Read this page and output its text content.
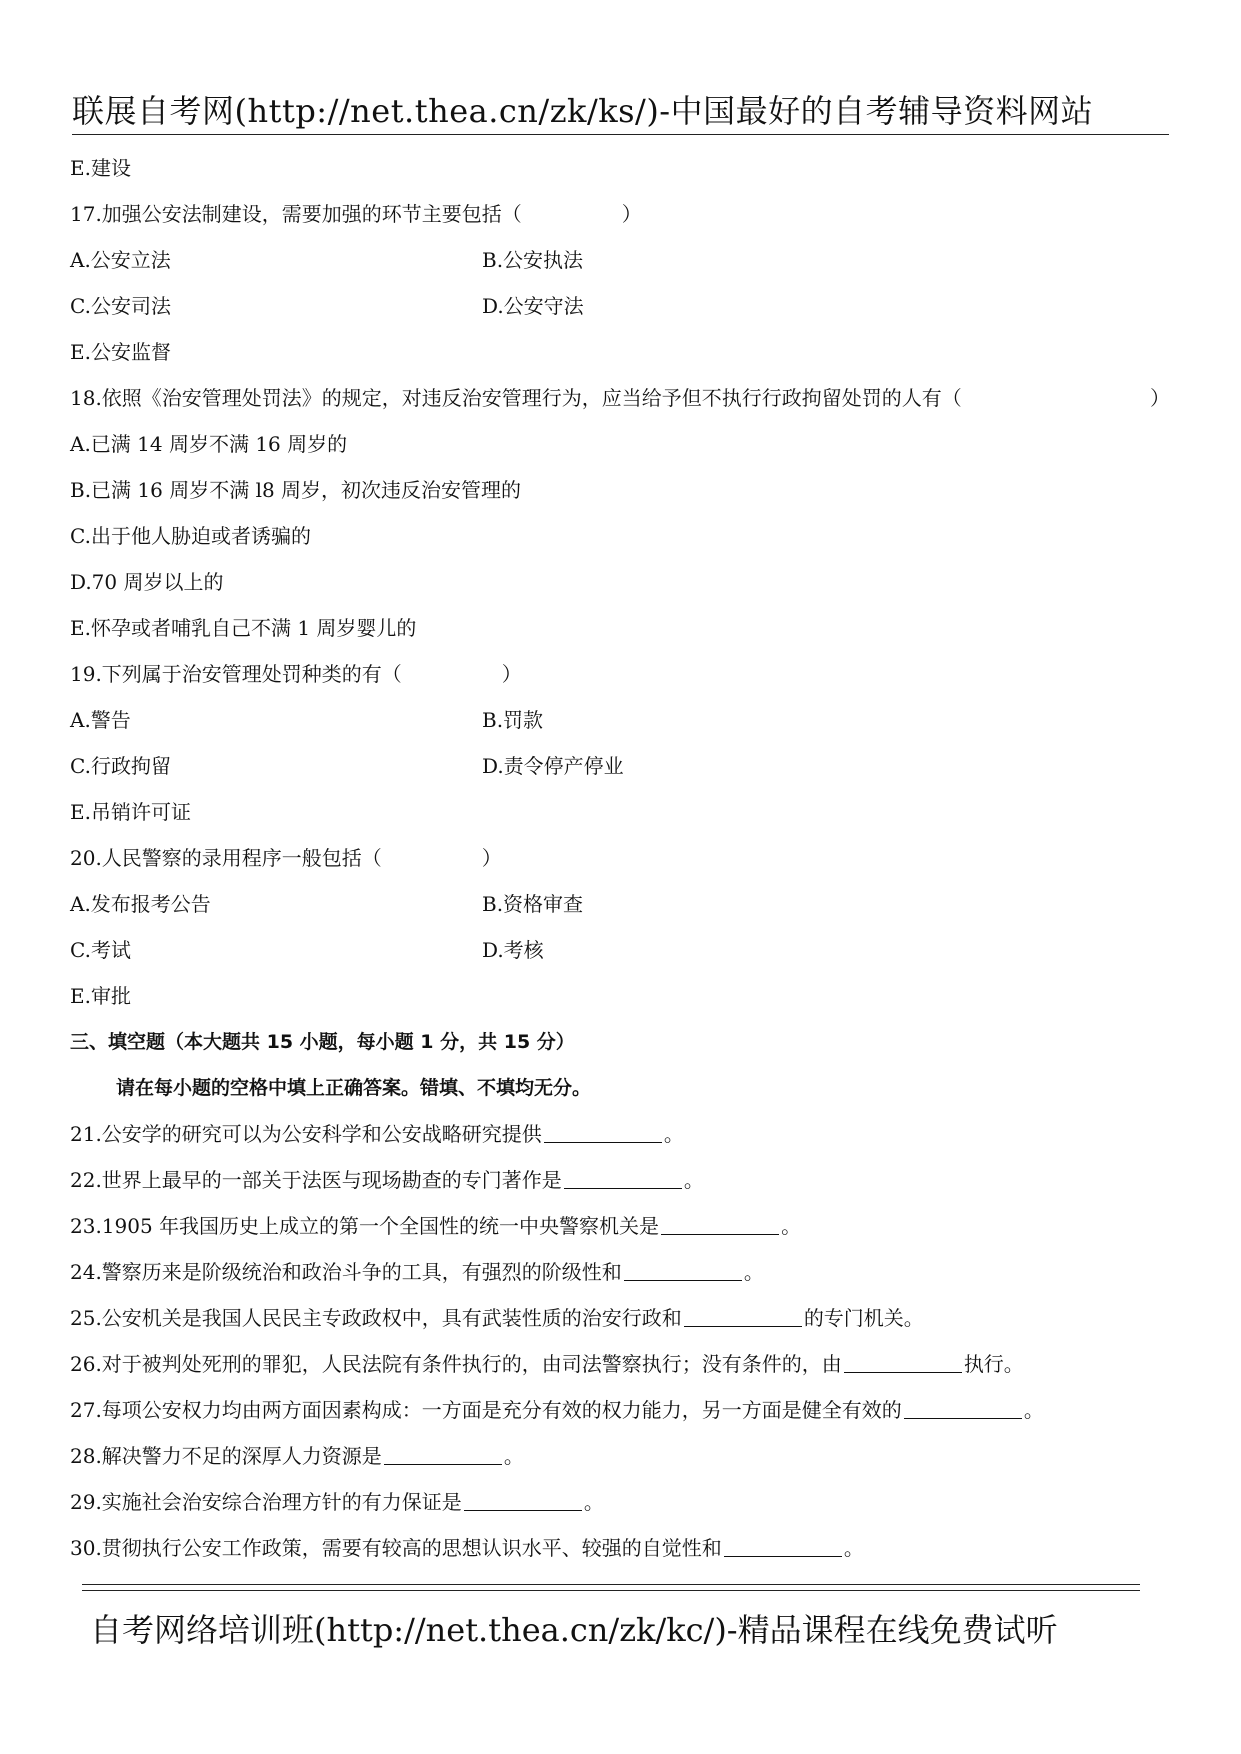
联展自考网(http://net.thea.cn/zk/ks/)-中国最好的自考辅导资料网站
E.建设
17.加强公安法制建设，需要加强的环节主要包括（　　　　　）
A.公安立法	B.公安执法
C.公安司法	D.公安守法
E.公安监督
18.依照《治安管理处罚法》的规定，对违反治安管理行为，应当给予但不执行行政拘留处罚的人有（	）
A.已满 14 周岁不满 16 周岁的
B.已满 16 周岁不满 l8 周岁，初次违反治安管理的
C.出于他人胁迫或者诱骗的
D.70 周岁以上的
E.怀孕或者哺乳自己不满 1 周岁婴儿的
19.下列属于治安管理处罚种类的有（　　　　　）
A.警告	B.罚款
C.行政拘留	D.责令停产停业
E.吊销许可证
20.人民警察的录用程序一般包括（　　　　　）
A.发布报考公告	B.资格审查
C.考试	D.考核
E.审批
三、填空题（本大题共 15 小题，每小题 1 分，共 15 分）
请在每小题的空格中填上正确答案。错填、不填均无分。
21.公安学的研究可以为公安科学和公安战略研究提供	。
22.世界上最早的一部关于法医与现场勘查的专门著作是	。
23.1905 年我国历史上成立的第一个全国性的统一中央警察机关是	。
24.警察历来是阶级统治和政治斗争的工具，有强烈的阶级性和	。
25.公安机关是我国人民民主专政政权中，具有武装性质的治安行政和	的专门机关。
26.对于被判处死刑的罪犯，人民法院有条件执行的，由司法警察执行；没有条件的，由	执行。
27.每项公安权力均由两方面因素构成：一方面是充分有效的权力能力，另一方面是健全有效的	。
28.解决警力不足的深厚人力资源是	。
29.实施社会治安综合治理方针的有力保证是	。
30.贯彻执行公安工作政策，需要有较高的思想认识水平、较强的自觉性和	。
自考网络培训班(http://net.thea.cn/zk/kc/)-精品课程在线免费试听
